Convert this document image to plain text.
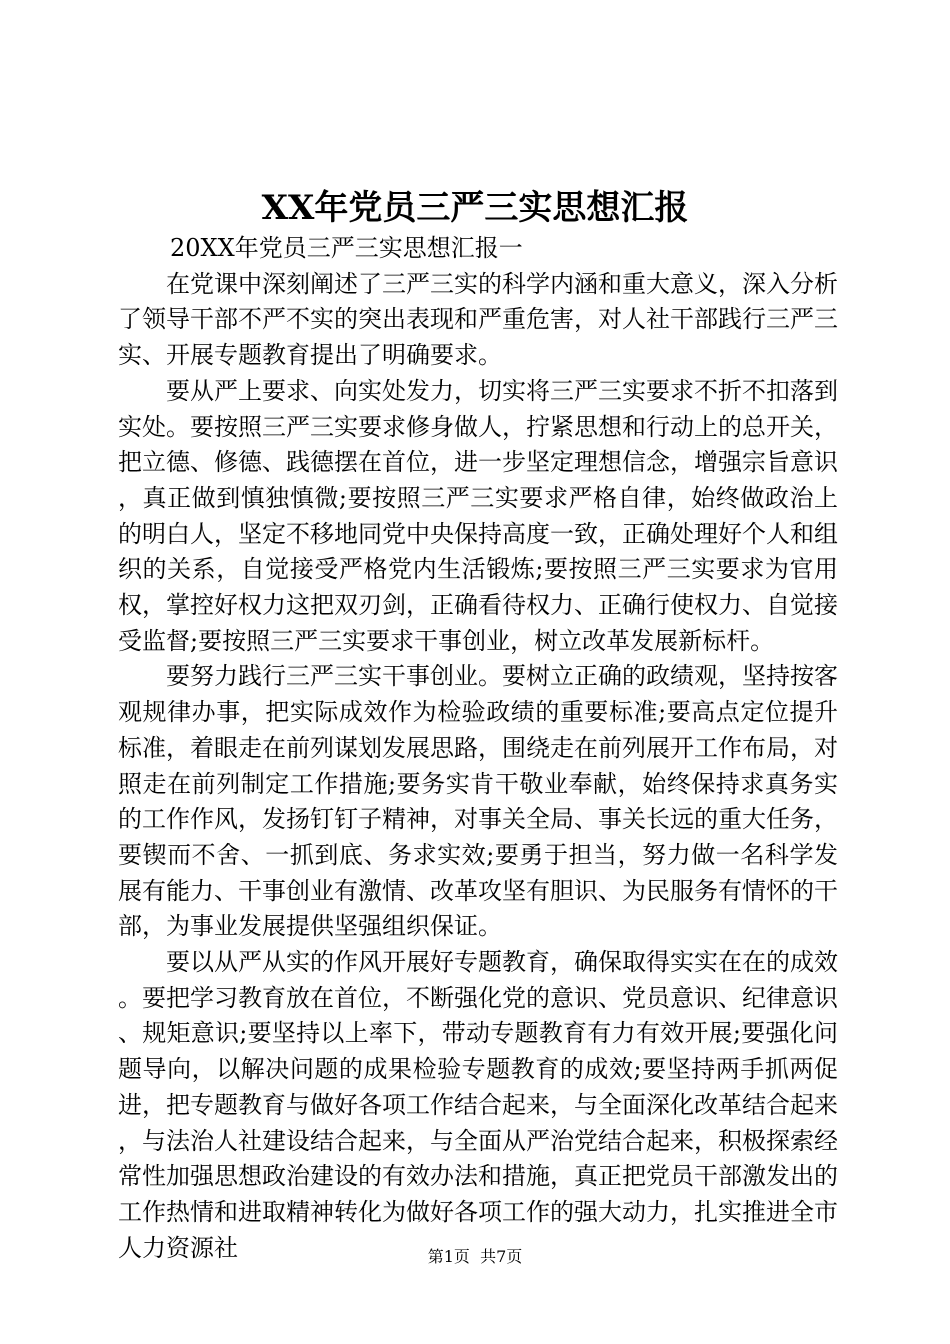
XX年党员三严三实思想汇报

20XX年党员三严三实思想汇报一

在党课中深刻阐述了三严三实的科学内涵和重大意义，深入分析了领导干部不严不实的突出表现和严重危害，对人社干部践行三严三实、开展专题教育提出了明确要求。

要从严上要求、向实处发力，切实将三严三实要求不折不扣落到实处。要按照三严三实要求修身做人，拧紧思想和行动上的总开关，把立德、修德、践德摆在首位，进一步坚定理想信念，增强宗旨意识，真正做到慎独慎微;要按照三严三实要求严格自律，始终做政治上的明白人，坚定不移地同党中央保持高度一致，正确处理好个人和组织的关系，自觉接受严格党内生活锻炼;要按照三严三实要求为官用权，掌控好权力这把双刃剑，正确看待权力、正确行使权力、自觉接受监督;要按照三严三实要求干事创业，树立改革发展新标杆。

要努力践行三严三实干事创业。要树立正确的政绩观，坚持按客观规律办事，把实际成效作为检验政绩的重要标准;要高点定位提升标准，着眼走在前列谋划发展思路，围绕走在前列展开工作布局，对照走在前列制定工作措施;要务实肯干敬业奉献，始终保持求真务实的工作作风，发扬钉钉子精神，对事关全局、事关长远的重大任务，要锲而不舍、一抓到底、务求实效;要勇于担当，努力做一名科学发展有能力、干事创业有激情、改革攻坚有胆识、为民服务有情怀的干部，为事业发展提供坚强组织保证。

要以从严从实的作风开展好专题教育，确保取得实实在在的成效。要把学习教育放在首位，不断强化党的意识、党员意识、纪律意识、规矩意识;要坚持以上率下，带动专题教育有力有效开展;要强化问题导向，以解决问题的成果检验专题教育的成效;要坚持两手抓两促进，把专题教育与做好各项工作结合起来，与全面深化改革结合起来，与法治人社建设结合起来，与全面从严治党结合起来，积极探索经常性加强思想政治建设的有效办法和措施，真正把党员干部激发出的工作热情和进取精神转化为做好各项工作的强大动力，扎实推进全市人力资源社	第1页  共7页
